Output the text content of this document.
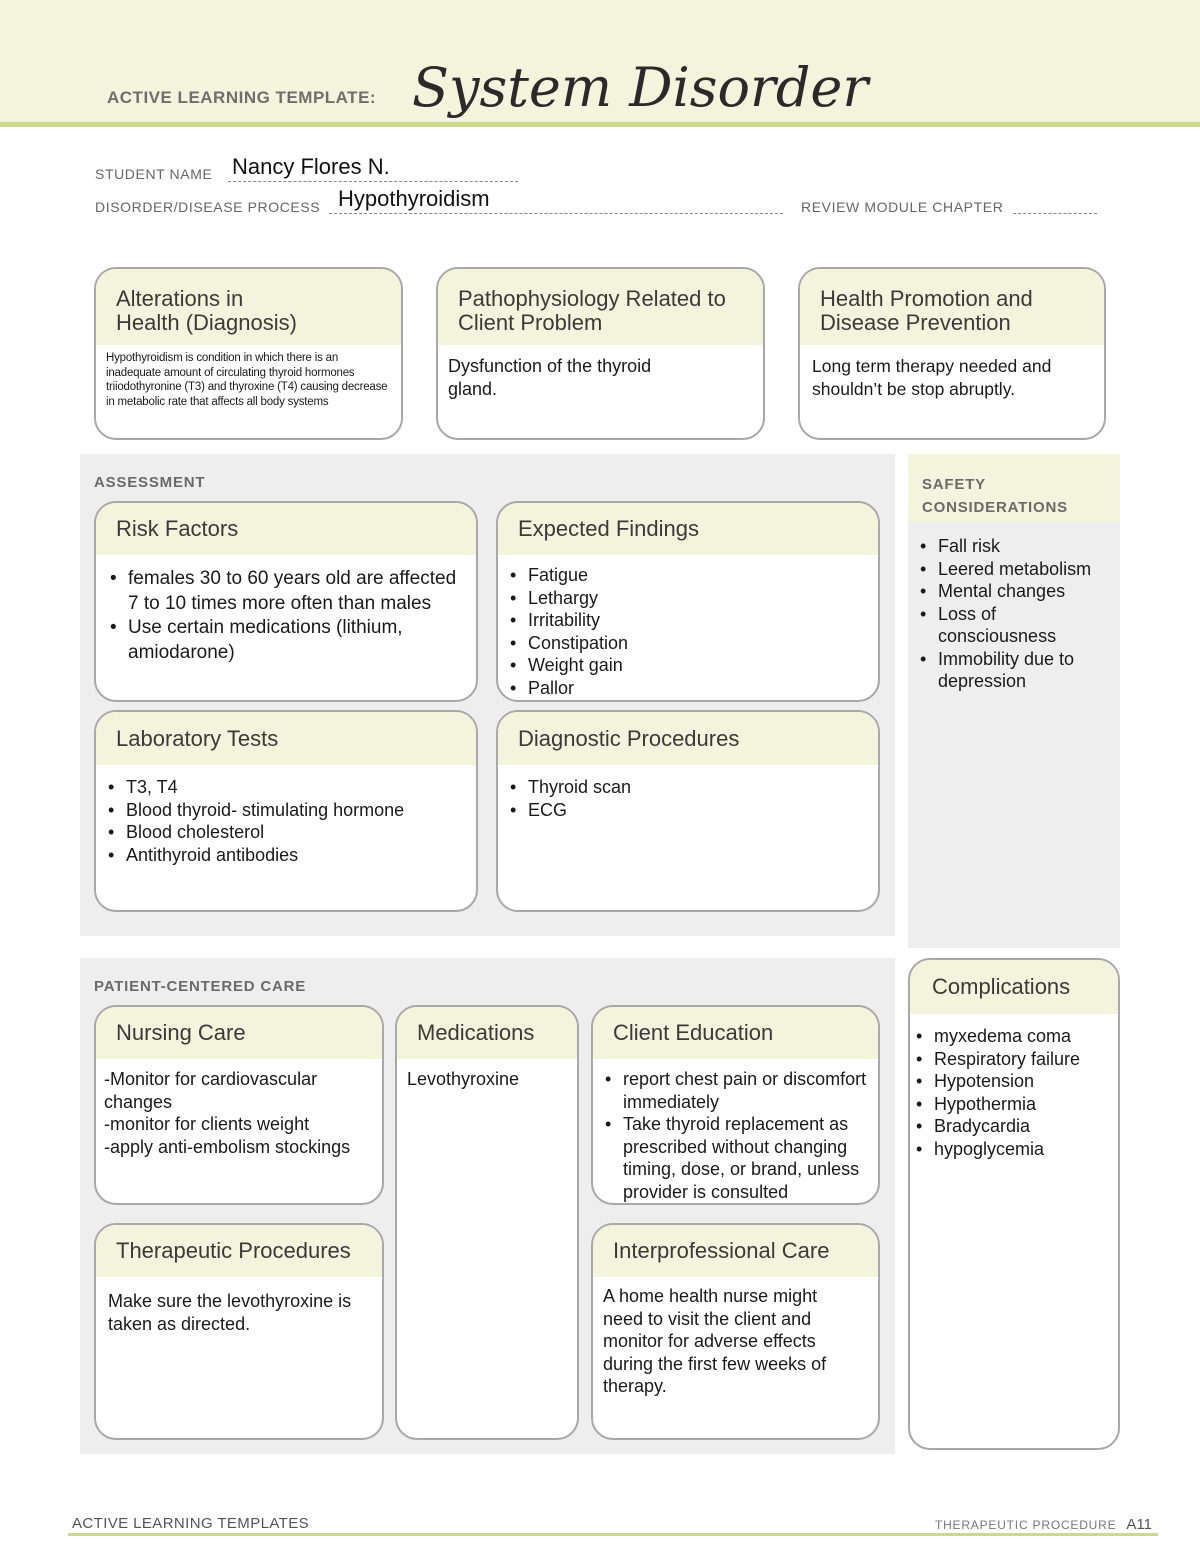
ACTIVE LEARNING TEMPLATE: System Disorder
STUDENT NAME Nancy Flores N.
DISORDER/DISEASE PROCESS Hypothyroidism	REVIEW MODULE CHAPTER
Alterations in Health (Diagnosis)
Hypothyroidism is condition in which there is an inadequate amount of circulating thyroid hormones triiodothyronine (T3) and thyroxine (T4) causing decrease in metabolic rate that affects all body systems
Pathophysiology Related to Client Problem
Dysfunction of the thyroid gland.
Health Promotion and Disease Prevention
Long term therapy needed and shouldn’t be stop abruptly.
ASSESSMENT
Risk Factors
• females 30 to 60 years old are affected 7 to 10 times more often than males
• Use certain medications (lithium, amiodarone)
Expected Findings
• Fatigue
• Lethargy
• Irritability
• Constipation
• Weight gain
• Pallor
Laboratory Tests
• T3, T4
• Blood thyroid- stimulating hormone
• Blood cholesterol
• Antithyroid antibodies
Diagnostic Procedures
• Thyroid scan
• ECG
SAFETY
CONSIDERATIONS
• Fall risk
• Leered metabolism
• Mental changes
• Loss of consciousness
• Immobility due to depression
PATIENT-CENTERED CARE
Nursing Care
-Monitor for cardiovascular changes
-monitor for clients weight
-apply anti-embolism stockings
Medications
Levothyroxine
Client Education
• report chest pain or discomfort immediately
• Take thyroid replacement as prescribed without changing timing, dose, or brand, unless provider is consulted
Therapeutic Procedures
Make sure the levothyroxine is taken as directed.
Interprofessional Care
A home health nurse might need to visit the client and monitor for adverse effects during the first few weeks of therapy.
Complications
• myxedema coma
• Respiratory failure
• Hypotension
• Hypothermia
• Bradycardia
• hypoglycemia
ACTIVE LEARNING TEMPLATES	THERAPEUTIC PROCEDURE A11
